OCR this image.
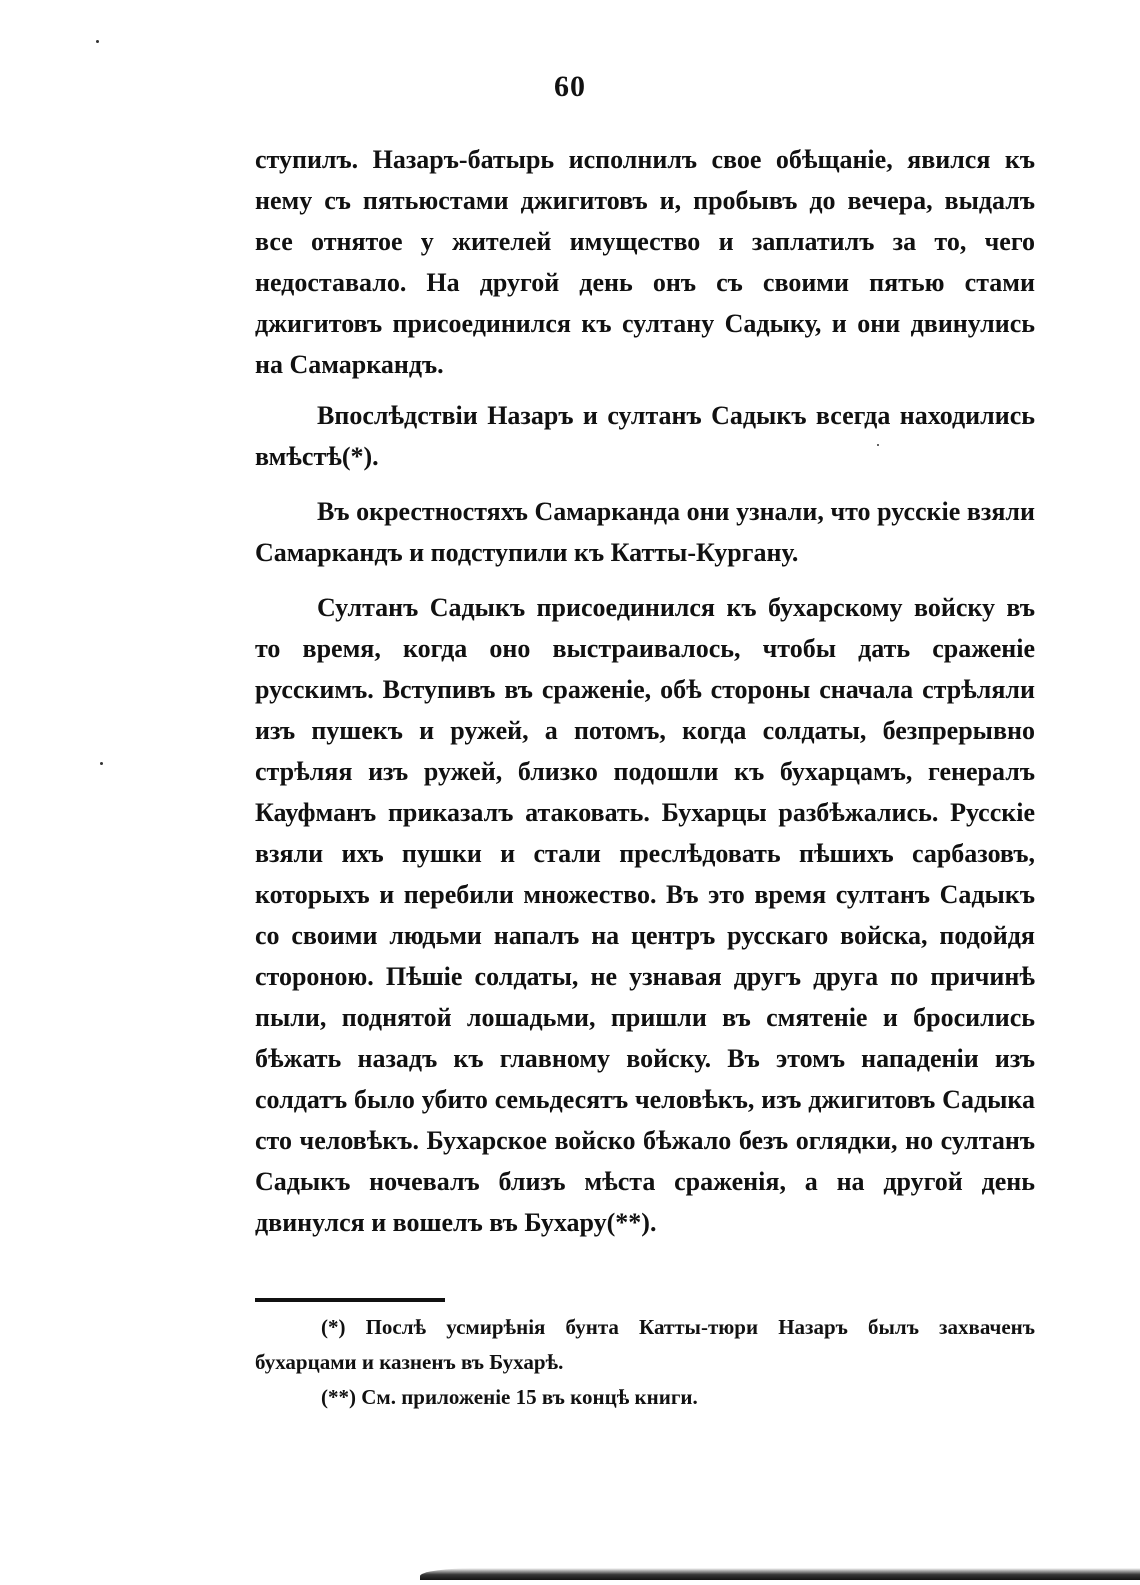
60

ступилъ. Назаръ-батырь исполнилъ свое обѣщаніе, явился къ нему съ пятьюстами джигитовъ и, пробывъ до вечера, выдалъ все отнятое у жителей имущество и заплатилъ за то, чего недоставало. На другой день онъ съ своими пятью стами джигитовъ присоединился къ султану Садыку, и они двинулись на Самаркандъ.

Впослѣдствіи Назаръ и султанъ Садыкъ всегда находились вмѣстѣ(*).

Въ окрестностяхъ Самарканда они узнали, что русскіе взяли Самаркандъ и подступили къ Катты-Кургану.

Султанъ Садыкъ присоединился къ бухарскому войску въ то время, когда оно выстраивалось, чтобы дать сраженіе русскимъ. Вступивъ въ сраженіе, обѣ стороны сначала стрѣляли изъ пушекъ и ружей, а потомъ, когда солдаты, безпрерывно стрѣляя изъ ружей, близко подошли къ бухарцамъ, генералъ Кауфманъ приказалъ атаковать. Бухарцы разбѣжались. Русскіе взяли ихъ пушки и стали преслѣдовать пѣшихъ сарбазовъ, которыхъ и перебили множество. Въ это время султанъ Садыкъ со своими людьми напалъ на центръ русскаго войска, подойдя стороною. Пѣшіе солдаты, не узнавая другъ друга по причинѣ пыли, поднятой лошадьми, пришли въ смятеніе и бросились бѣжать назадъ къ главному войску. Въ этомъ нападеніи изъ солдатъ было убито семьдесятъ человѣкъ, изъ джигитовъ Садыка сто человѣкъ. Бухарское войско бѣжало безъ оглядки, но султанъ Садыкъ ночевалъ близъ мѣста сраженія, а на другой день двинулся и вошелъ въ Бухару(**).

(*) Послѣ усмирѣнія бунта Катты-тюри Назаръ былъ захваченъ бухарцами и казненъ въ Бухарѣ.

(**) См. приложеніе 15 въ концѣ книги.
